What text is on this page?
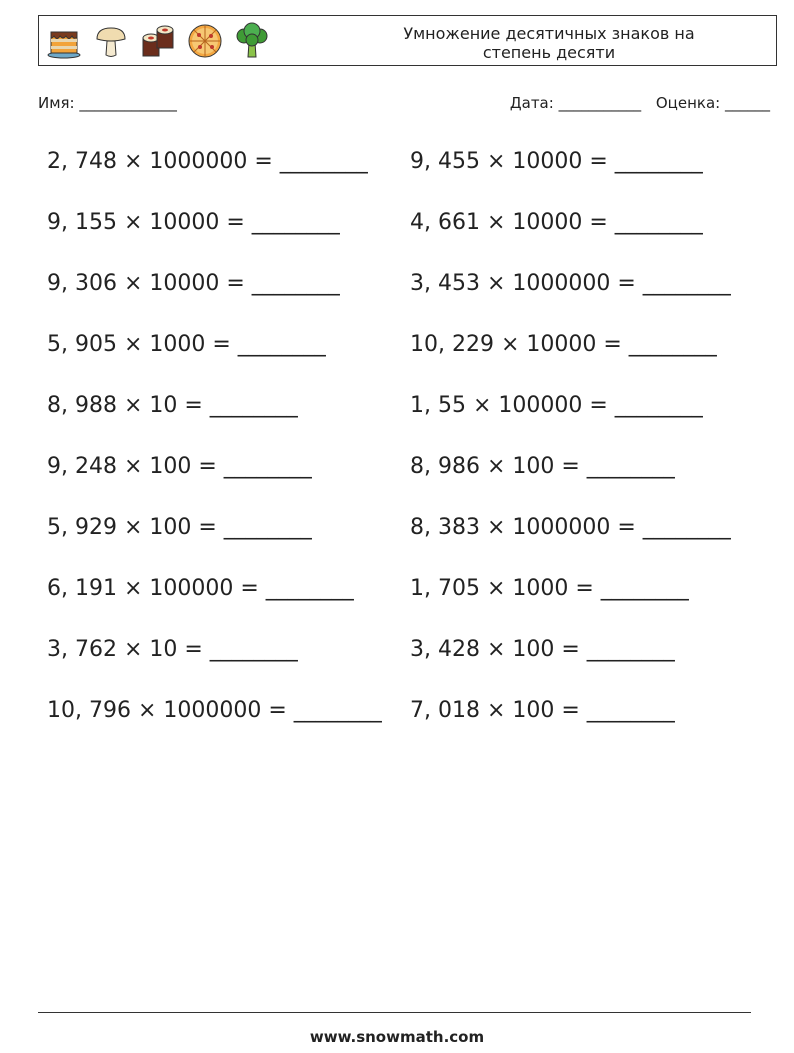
Умножение десятичных знаков на
степень десяти
Имя: _____________	Дата: ___________ Оценка: ______
2, 748 × 1000000 = ________
9, 155 × 10000 = ________
9, 306 × 10000 = ________
5, 905 × 1000 = ________
8, 988 × 10 = ________
9, 248 × 100 = ________
5, 929 × 100 = ________
6, 191 × 100000 = ________
3, 762 × 10 = ________
10, 796 × 1000000 = ________
9, 455 × 10000 = ________
4, 661 × 10000 = ________
3, 453 × 1000000 = ________
10, 229 × 10000 = ________
1, 55 × 100000 = ________
8, 986 × 100 = ________
8, 383 × 1000000 = ________
1, 705 × 1000 = ________
3, 428 × 100 = ________
7, 018 × 100 = ________
www.snowmath.com
